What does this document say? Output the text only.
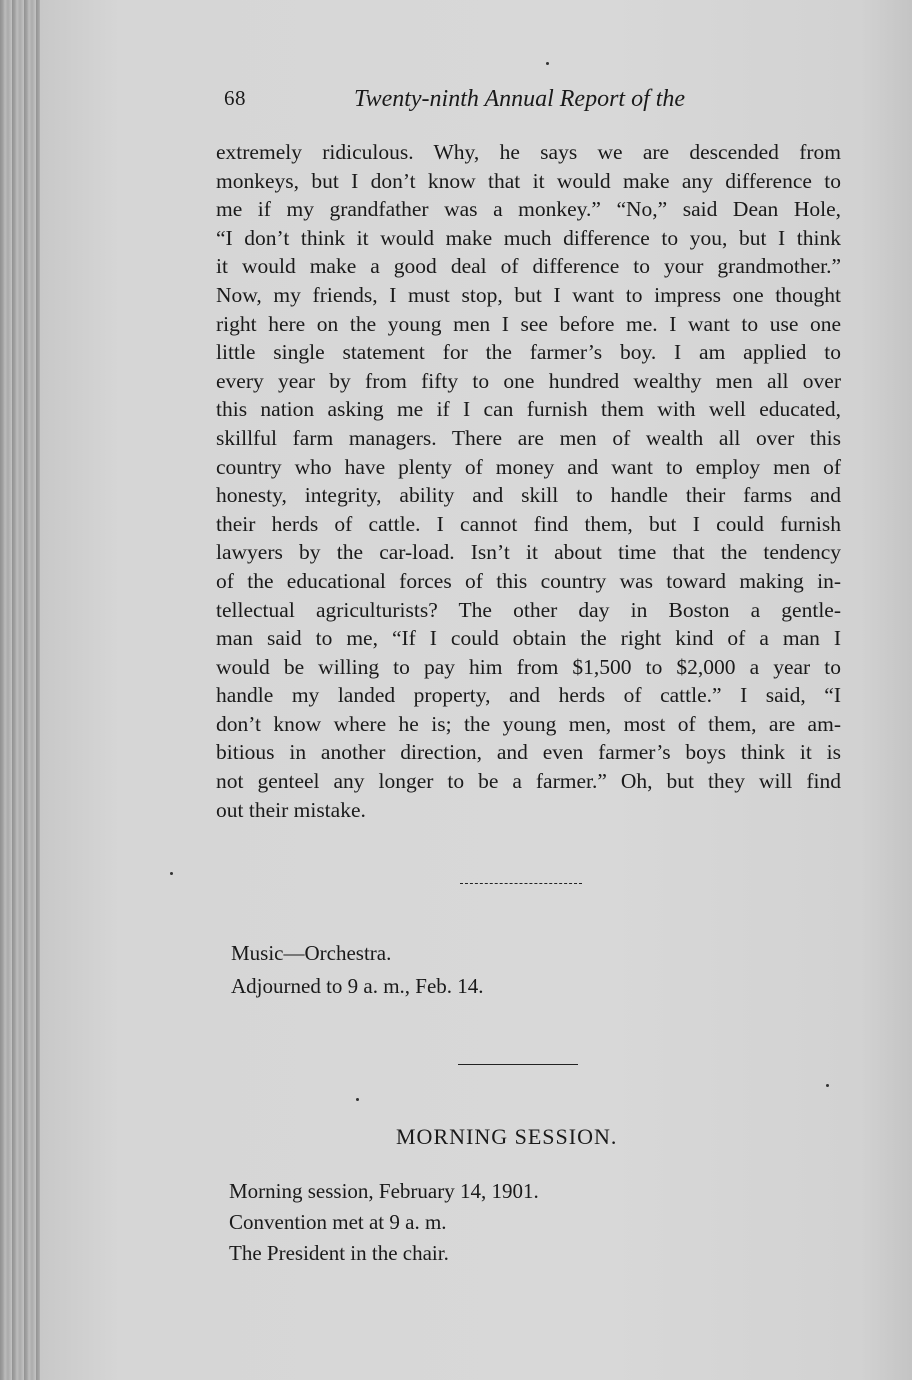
68	Twenty-ninth Annual Report of the
extremely ridiculous. Why, he says we are descended from
monkeys, but I don’t know that it would make any difference to
me if my grandfather was a monkey.” “No,” said Dean Hole,
“I don’t think it would make much difference to you, but I think
it would make a good deal of difference to your grandmother.”
Now, my friends, I must stop, but I want to impress one thought
right here on the young men I see before me. I want to use one
little single statement for the farmer’s boy. I am applied to
every year by from fifty to one hundred wealthy men all over
this nation asking me if I can furnish them with well educated,
skillful farm managers. There are men of wealth all over this
country who have plenty of money and want to employ men of
honesty, integrity, ability and skill to handle their farms and
their herds of cattle. I cannot find them, but I could furnish
lawyers by the car-load. Isn’t it about time that the tendency
of the educational forces of this country was toward making in-
tellectual agriculturists? The other day in Boston a gentle-
man said to me, “If I could obtain the right kind of a man I
would be willing to pay him from $1,500 to $2,000 a year to
handle my landed property, and herds of cattle.” I said, “I
don’t know where he is; the young men, most of them, are am-
bitious in another direction, and even farmer’s boys think it is
not genteel any longer to be a farmer.” Oh, but they will find
out their mistake.
Music—Orchestra.
Adjourned to 9 a. m., Feb. 14.
MORNING SESSION.
Morning session, February 14, 1901.
Convention met at 9 a. m.
The President in the chair.
